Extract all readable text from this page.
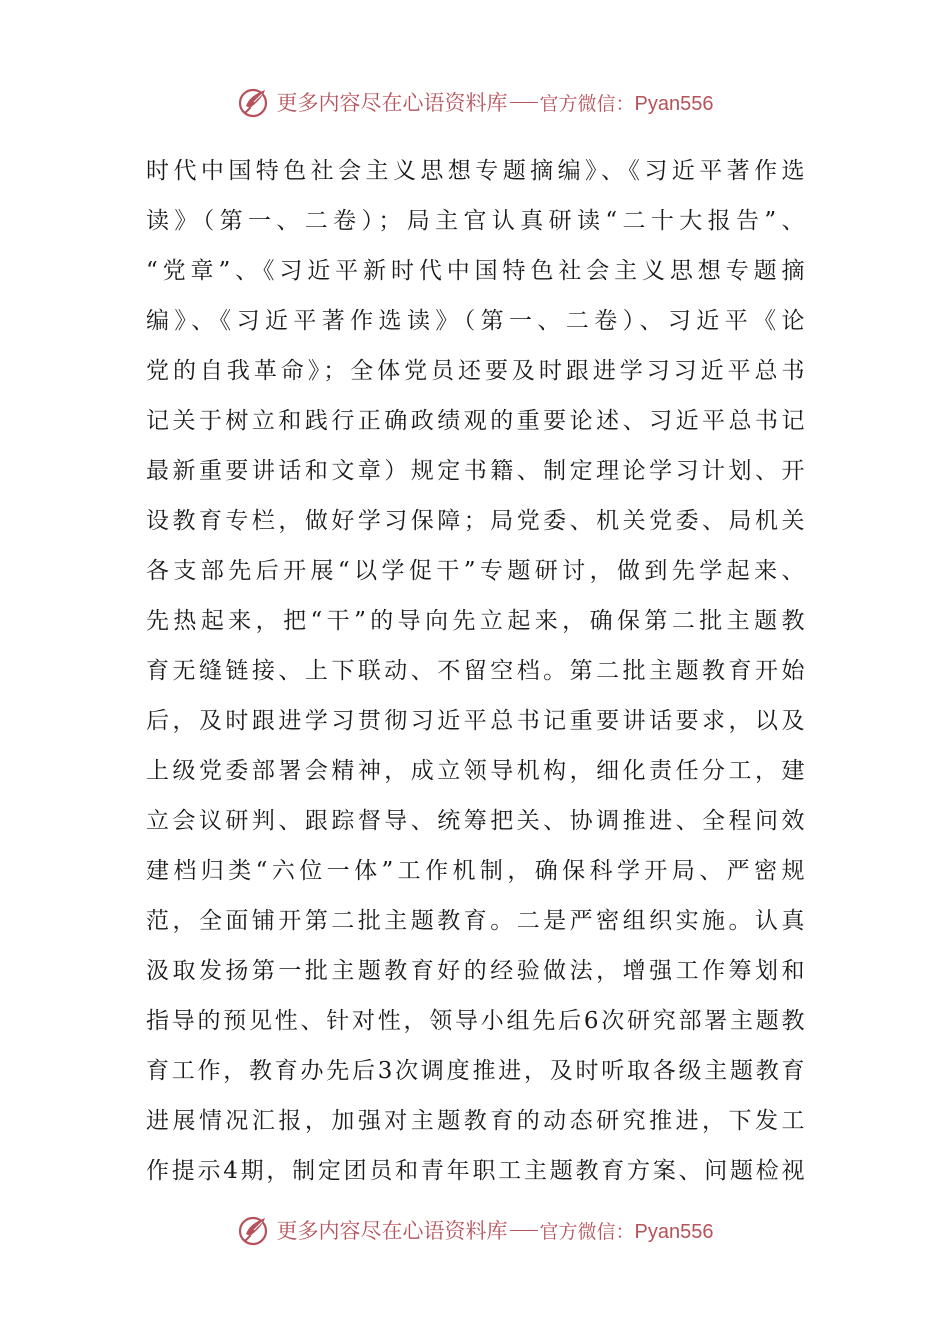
更多内容尽在心语资料库 官方微信： Pyan556
时代中国特色社会主义思想专题摘编》、《习近平著作选
读》（第一、二卷）；局主官认真研读“二十大报告”、
“党章”、《习近平新时代中国特色社会主义思想专题摘
编》、《习近平著作选读》（第一、二卷）、习近平《论
党的自我革命》；全体党员还要及时跟进学习习近平总书
记关于树立和践行正确政绩观的重要论述、习近平总书记
最新重要讲话和文章）规定书籍、制定理论学习计划、开
设教育专栏，做好学习保障；局党委、机关党委、局机关
各支部先后开展“以学促干”专题研讨，做到先学起来、
先热起来，把“干”的导向先立起来，确保第二批主题教
育无缝链接、上下联动、不留空档。第二批主题教育开始
后，及时跟进学习贯彻习近平总书记重要讲话要求，以及
上级党委部署会精神，成立领导机构，细化责任分工，建
立会议研判、跟踪督导、统筹把关、协调推进、全程问效
建档归类“六位一体”工作机制，确保科学开局、严密规
范，全面铺开第二批主题教育。二是严密组织实施。认真
汲取发扬第一批主题教育好的经验做法，增强工作筹划和
指导的预见性、针对性，领导小组先后6次研究部署主题教
育工作，教育办先后3次调度推进，及时听取各级主题教育
进展情况汇报，加强对主题教育的动态研究推进，下发工
作提示4期，制定团员和青年职工主题教育方案、问题检视
更多内容尽在心语资料库 官方微信： Pyan556
